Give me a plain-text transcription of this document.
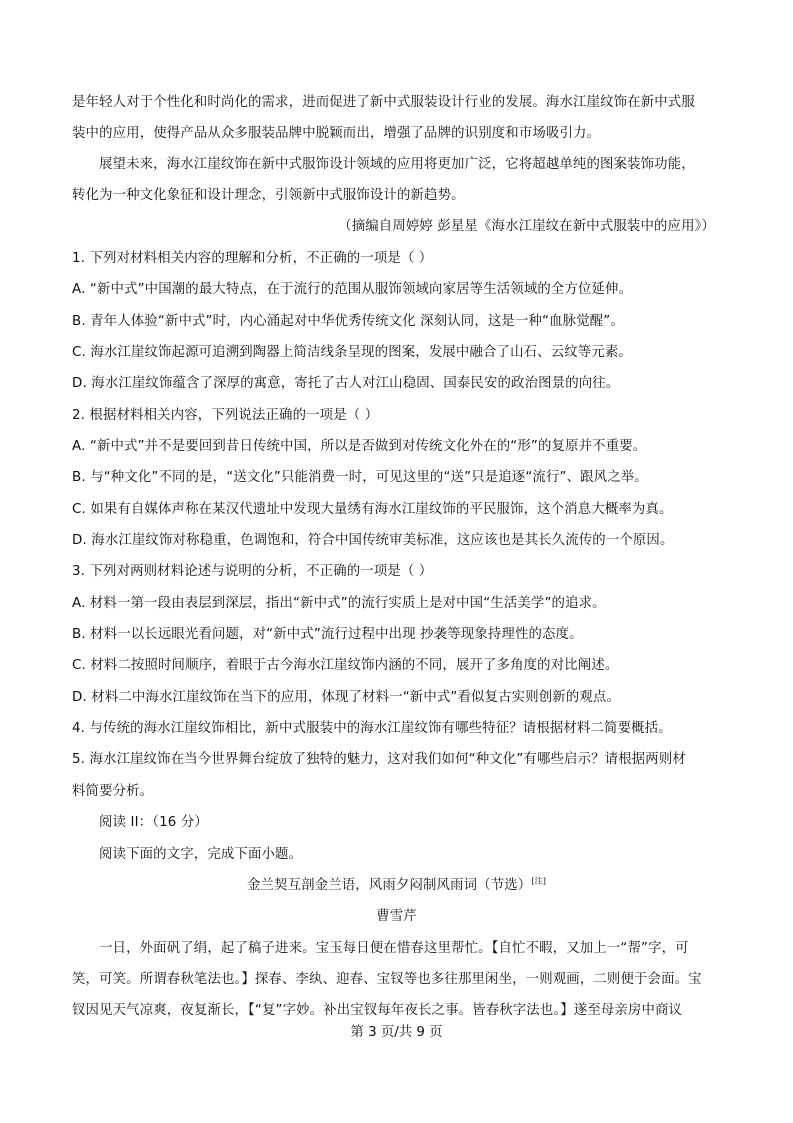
是年轻人对于个性化和时尚化的需求，进而促进了新中式服装设计行业的发展。海水江崖纹饰在新中式服
装中的应用，使得产品从众多服装品牌中脱颖而出，增强了品牌的识别度和市场吸引力。
展望未来，海水江崖纹饰在新中式服饰设计领域的应用将更加广泛，它将超越单纯的图案装饰功能，
转化为一种文化象征和设计理念，引领新中式服饰设计的新趋势。
（摘编自周婷婷 彭星星《海水江崖纹在新中式服装中的应用》）
1. 下列对材料相关内容的理解和分析，不正确的一项是（ ）
A. “新中式”中国潮的最大特点，在于流行的范围从服饰领域向家居等生活领域的全方位延伸。
B. 青年人体验“新中式”时，内心涌起对中华优秀传统文化 深刻认同，这是一种“血脉觉醒”。
C. 海水江崖纹饰起源可追溯到陶器上简洁线条呈现的图案，发展中融合了山石、云纹等元素。
D. 海水江崖纹饰蕴含了深厚的寓意，寄托了古人对江山稳固、国泰民安的政治图景的向往。
2. 根据材料相关内容，下列说法正确的一项是（ ）
A. “新中式”并不是要回到昔日传统中国，所以是否做到对传统文化外在的“形”的复原并不重要。
B. 与“种文化”不同的是，“送文化”只能消费一时，可见这里的“送”只是追逐“流行”、跟风之举。
C. 如果有自媒体声称在某汉代遗址中发现大量绣有海水江崖纹饰的平民服饰，这个消息大概率为真。
D. 海水江崖纹饰对称稳重，色调饱和，符合中国传统审美标准，这应该也是其长久流传的一个原因。
3. 下列对两则材料论述与说明的分析，不正确的一项是（ ）
A. 材料一第一段由表层到深层，指出“新中式”的流行实质上是对中国“生活美学”的追求。
B. 材料一以长远眼光看问题，对“新中式”流行过程中出现 抄袭等现象持理性的态度。
C. 材料二按照时间顺序，着眼于古今海水江崖纹饰内涵的不同，展开了多角度的对比阐述。
D. 材料二中海水江崖纹饰在当下的应用，体现了材料一“新中式”看似复古实则创新的观点。
4. 与传统的海水江崖纹饰相比，新中式服装中的海水江崖纹饰有哪些特征？请根据材料二简要概括。
5. 海水江崖纹饰在当今世界舞台绽放了独特的魅力，这对我们如何“种文化”有哪些启示？请根据两则材
料简要分析。
阅读 II：（16 分）
阅读下面的文字，完成下面小题。
金兰契互剖金兰语，风雨夕闷制风雨词（节选）[注]
曹雪芹
一日，外面矾了绢，起了稿子进来。宝玉每日便在惜春这里帮忙。【自忙不暇，又加上一“帮”字，可
笑，可笑。所谓春秋笔法也。】探春、李纨、迎春、宝钗等也多往那里闲坐，一则观画，二则便于会面。宝
钗因见天气凉爽，夜复渐长，【“复”字妙。补出宝钗每年夜长之事。皆春秋字法也。】遂至母亲房中商议
第 3 页/共 9 页
